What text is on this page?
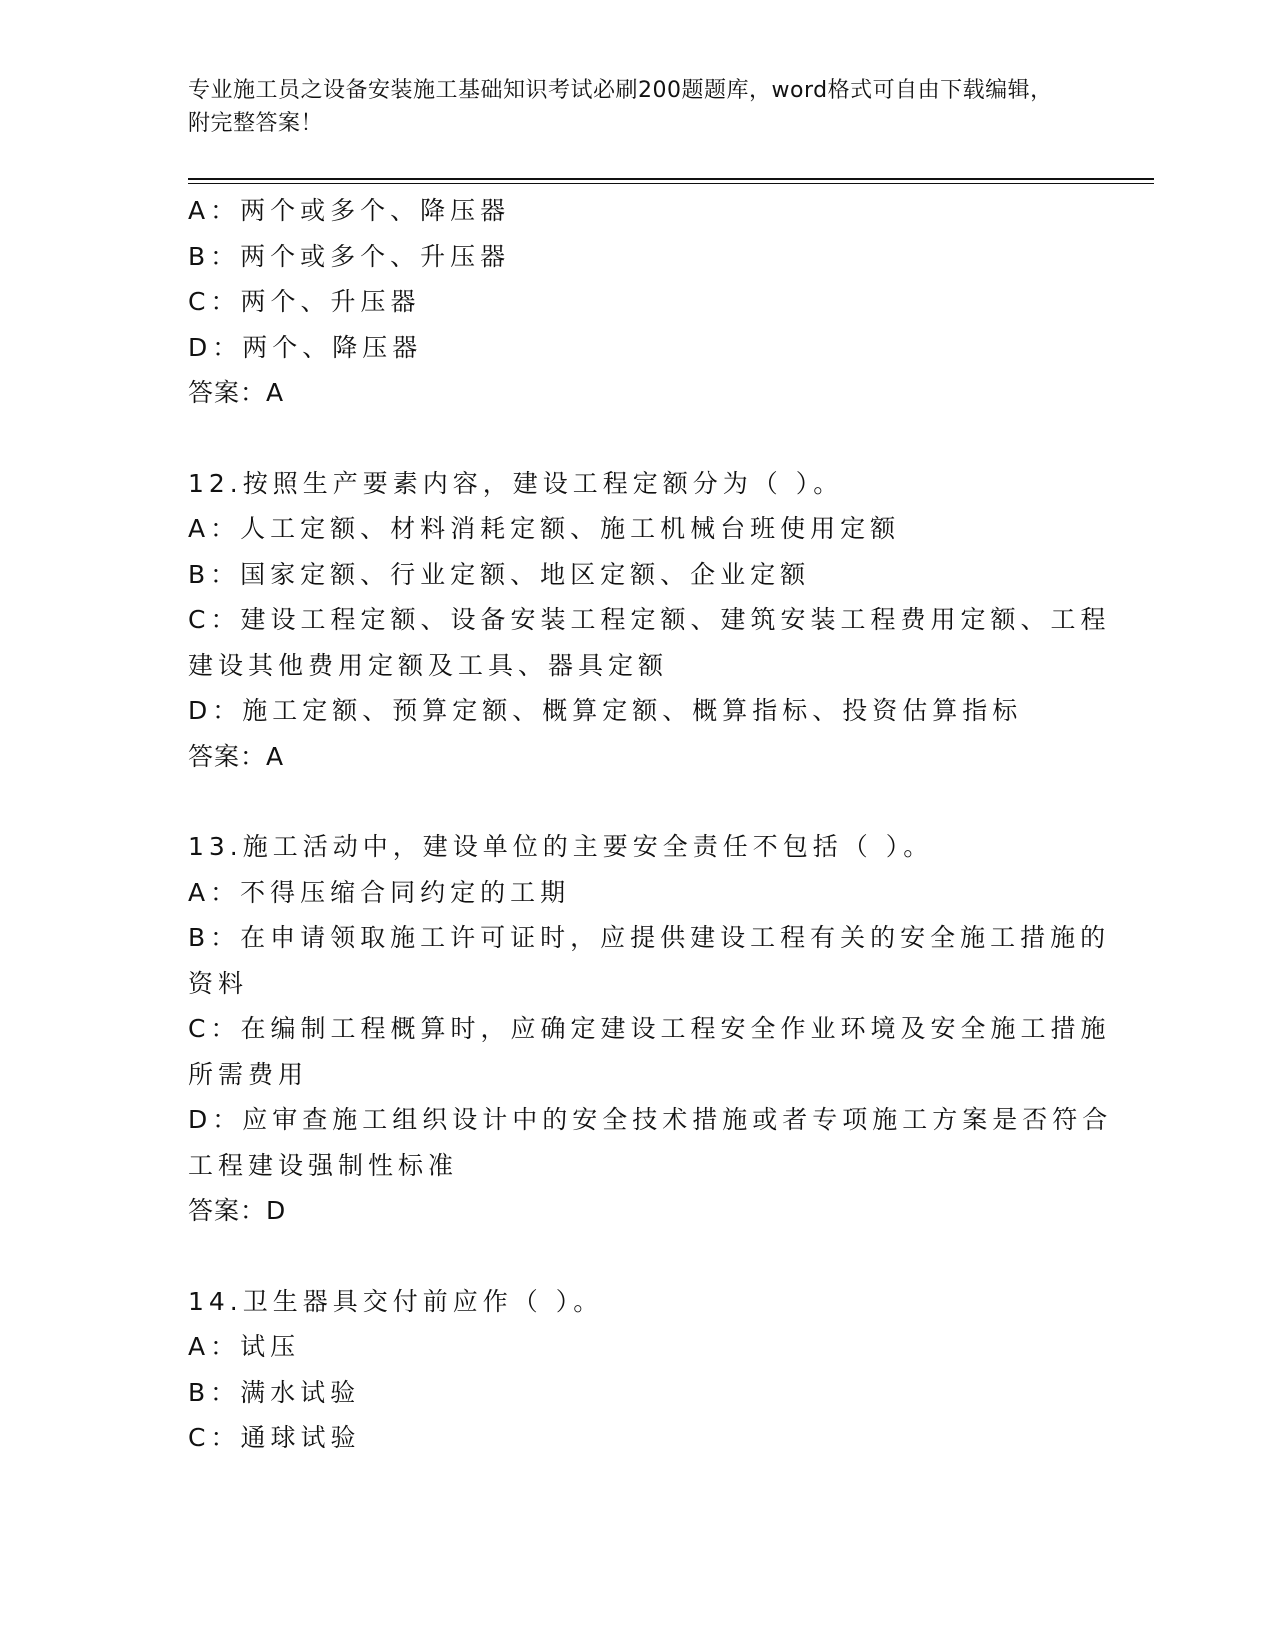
专业施工员之设备安装施工基础知识考试必刷200题题库，word格式可自由下载编辑，附完整答案！
A：两个或多个、降压器
B：两个或多个、升压器
C：两个、升压器
D：两个、降压器
答案：A
12.按照生产要素内容，建设工程定额分为（ ）。
A：人工定额、材料消耗定额、施工机械台班使用定额
B：国家定额、行业定额、地区定额、企业定额
C：建设工程定额、设备安装工程定额、建筑安装工程费用定额、工程
建设其他费用定额及工具、器具定额
D：施工定额、预算定额、概算定额、概算指标、投资估算指标
答案：A
13.施工活动中，建设单位的主要安全责任不包括（ ）。
A：不得压缩合同约定的工期
B：在申请领取施工许可证时，应提供建设工程有关的安全施工措施的
资料
C：在编制工程概算时，应确定建设工程安全作业环境及安全施工措施
所需费用
D：应审查施工组织设计中的安全技术措施或者专项施工方案是否符合
工程建设强制性标准
答案：D
14.卫生器具交付前应作（ ）。
A：试压
B：满水试验
C：通球试验
